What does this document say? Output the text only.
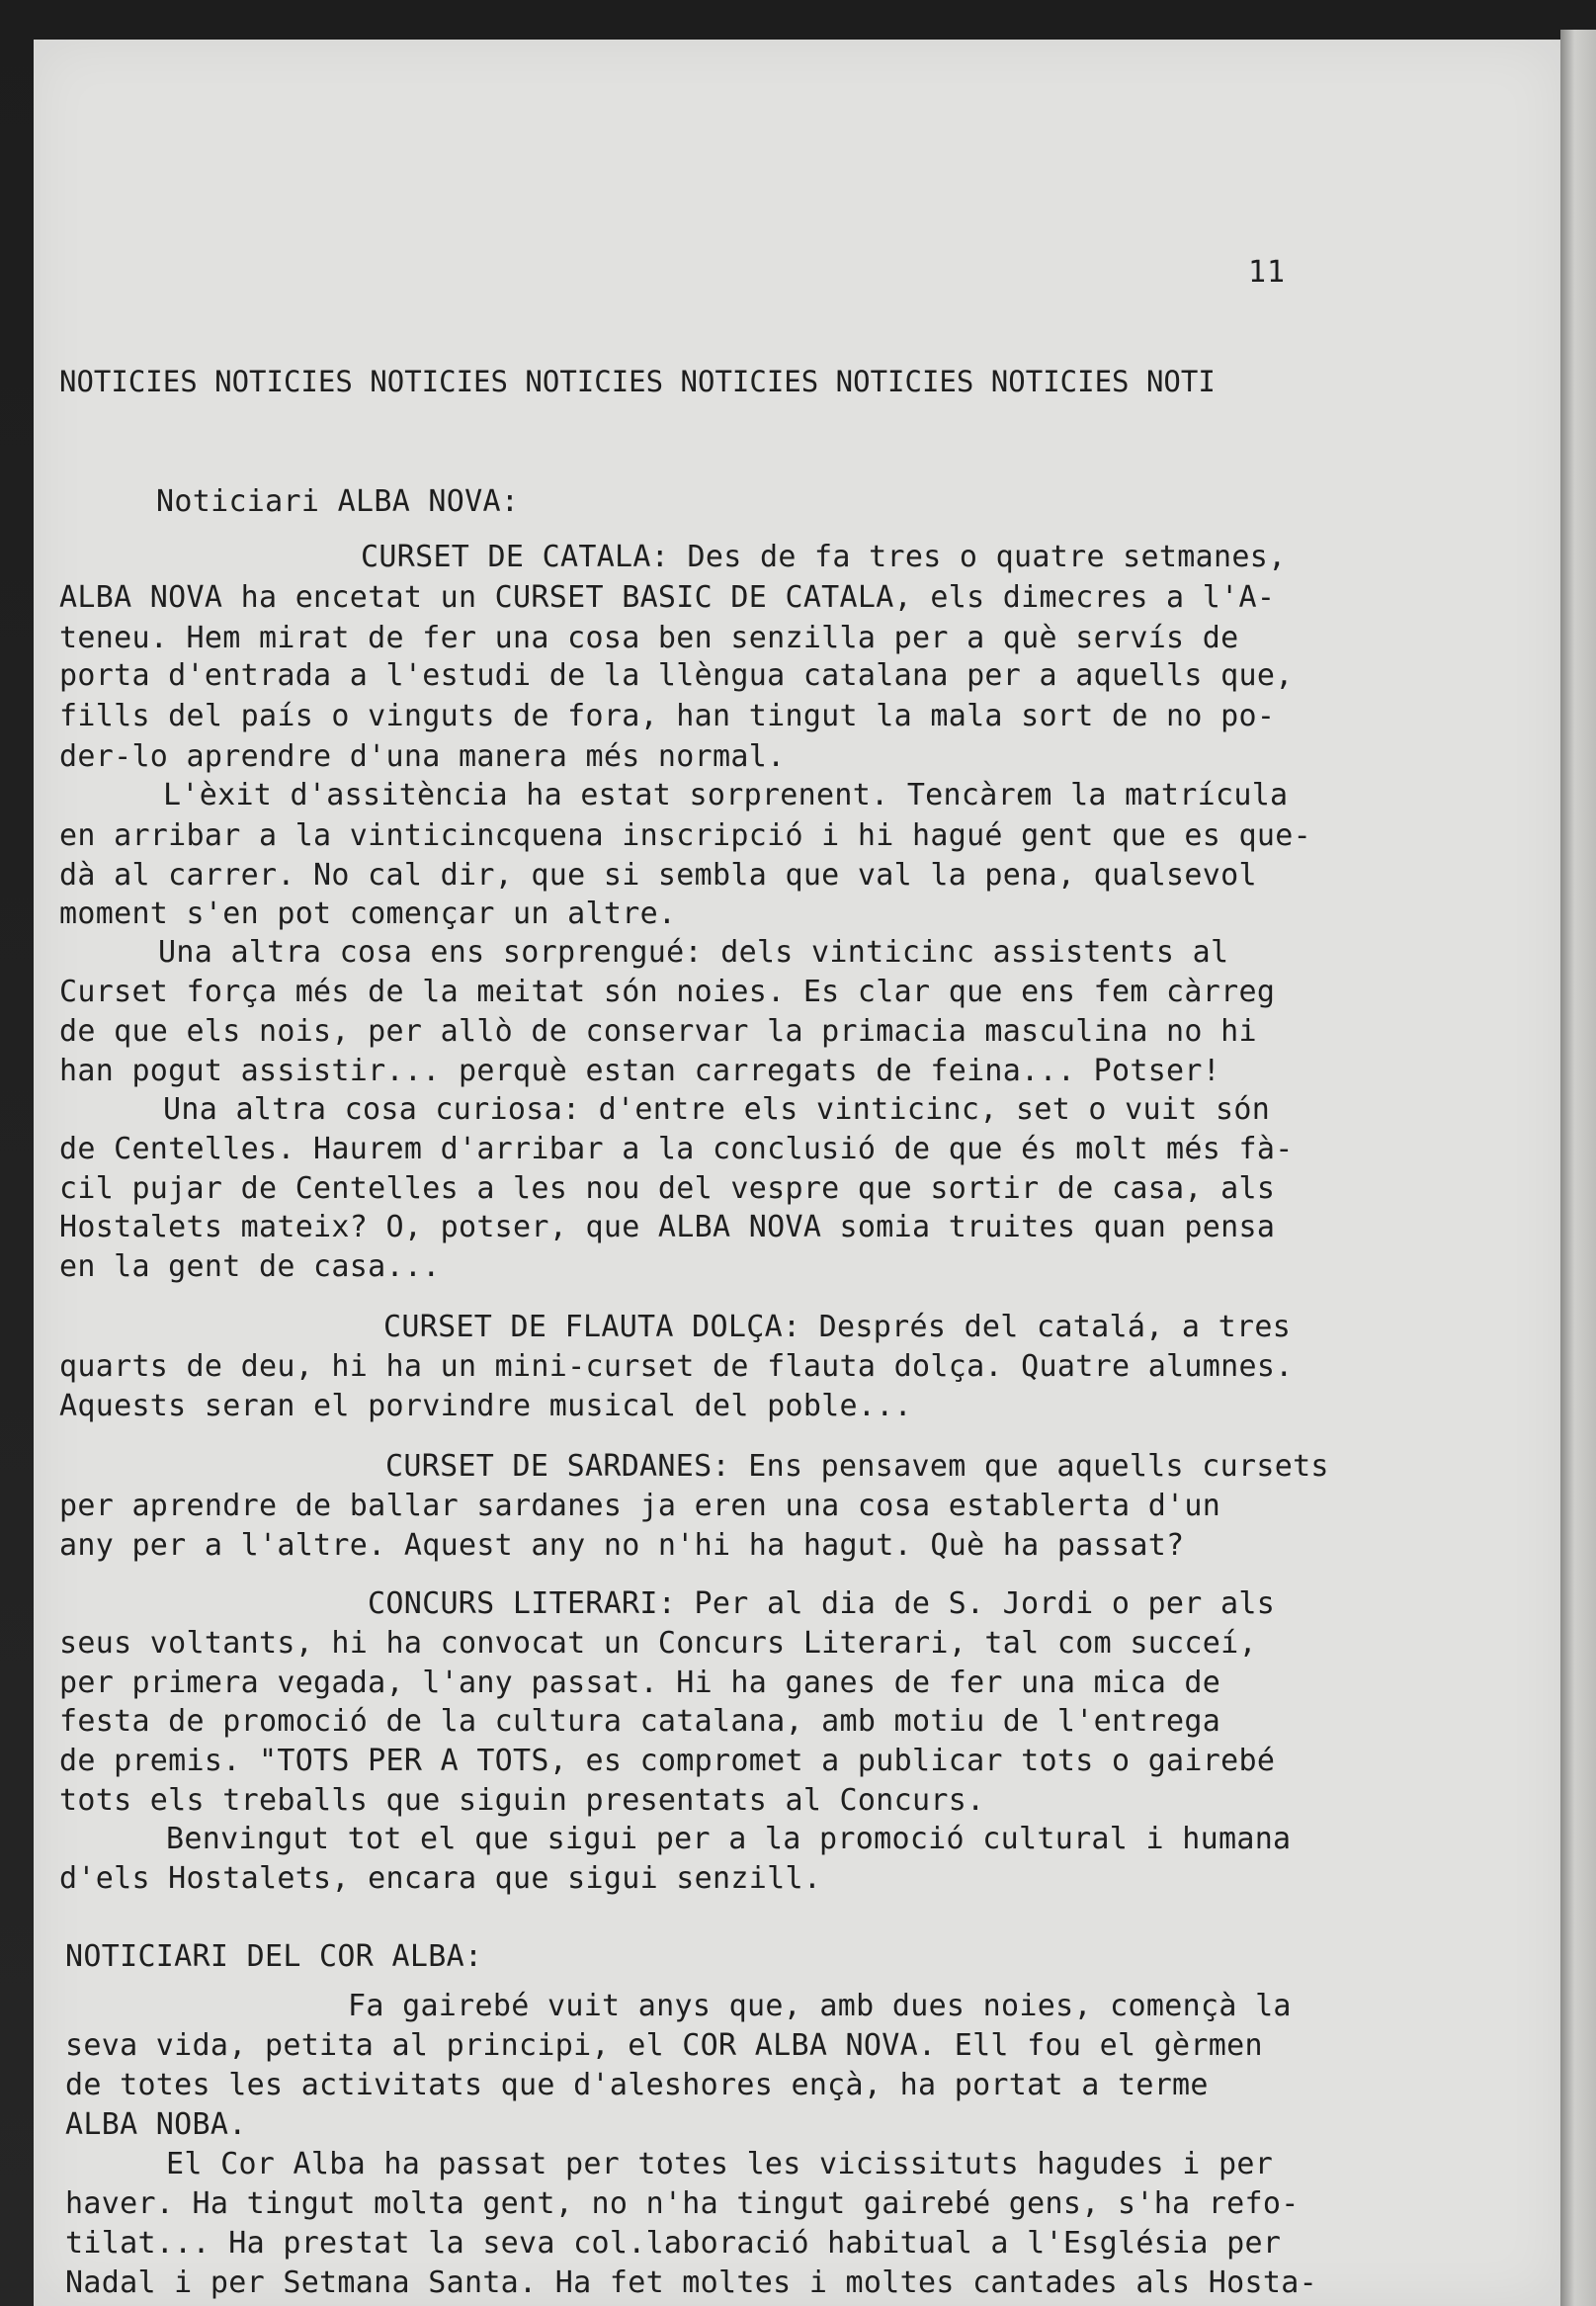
11
NOTICIES NOTICIES NOTICIES NOTICIES NOTICIES NOTICIES NOTICIES NOTI
Noticiari ALBA NOVA:
CURSET DE CATALA: Des de fa tres o quatre setmanes,
ALBA NOVA ha encetat un CURSET BASIC DE CATALA, els dimecres a l'A-
teneu. Hem mirat de fer una cosa ben senzilla per a què servís de
porta d'entrada a l'estudi de la llèngua catalana per a aquells que,
fills del país o vinguts de fora, han tingut la mala sort de no po-
der-lo aprendre d'una manera més normal.
L'èxit d'assitència ha estat sorprenent. Tencàrem la matrícula
en arribar a la vinticincquena inscripció i hi hagué gent que es que-
dà al carrer. No cal dir, que si sembla que val la pena, qualsevol
moment s'en pot començar un altre.
Una altra cosa ens sorprengué: dels vinticinc assistents al
Curset força més de la meitat són noies. Es clar que ens fem càrreg
de que els nois, per allò de conservar la primacia masculina no hi
han pogut assistir... perquè estan carregats de feina... Potser!
Una altra cosa curiosa: d'entre els vinticinc, set o vuit són
de Centelles. Haurem d'arribar a la conclusió de que és molt més fà-
cil pujar de Centelles a les nou del vespre que sortir de casa, als
Hostalets mateix? O, potser, que ALBA NOVA somia truites quan pensa
en la gent de casa...
CURSET DE FLAUTA DOLÇA: Després del catalá, a tres
quarts de deu, hi ha un mini-curset de flauta dolça. Quatre alumnes.
Aquests seran el porvindre musical del poble...
CURSET DE SARDANES: Ens pensavem que aquells cursets
per aprendre de ballar sardanes ja eren una cosa establerta d'un
any per a l'altre. Aquest any no n'hi ha hagut. Què ha passat?
CONCURS LITERARI: Per al dia de S. Jordi o per als
seus voltants, hi ha convocat un Concurs Literari, tal com succeí,
per primera vegada, l'any passat. Hi ha ganes de fer una mica de
festa de promoció de la cultura catalana, amb motiu de l'entrega
de premis. "TOTS PER A TOTS, es compromet a publicar tots o gairebé
tots els treballs que siguin presentats al Concurs.
Benvingut tot el que sigui per a la promoció cultural i humana
d'els Hostalets, encara que sigui senzill.
NOTICIARI DEL COR ALBA:
Fa gairebé vuit anys que, amb dues noies, començà la
seva vida, petita al principi, el COR ALBA NOVA. Ell fou el gèrmen
de totes les activitats que d'aleshores ençà, ha portat a terme
ALBA NOBA.
El Cor Alba ha passat per totes les vicissituts hagudes i per
haver. Ha tingut molta gent, no n'ha tingut gairebé gens, s'ha refo-
tilat... Ha prestat la seva col.laboració habitual a l'Església per
Nadal i per Setmana Santa. Ha fet moltes i moltes cantades als Hosta-
